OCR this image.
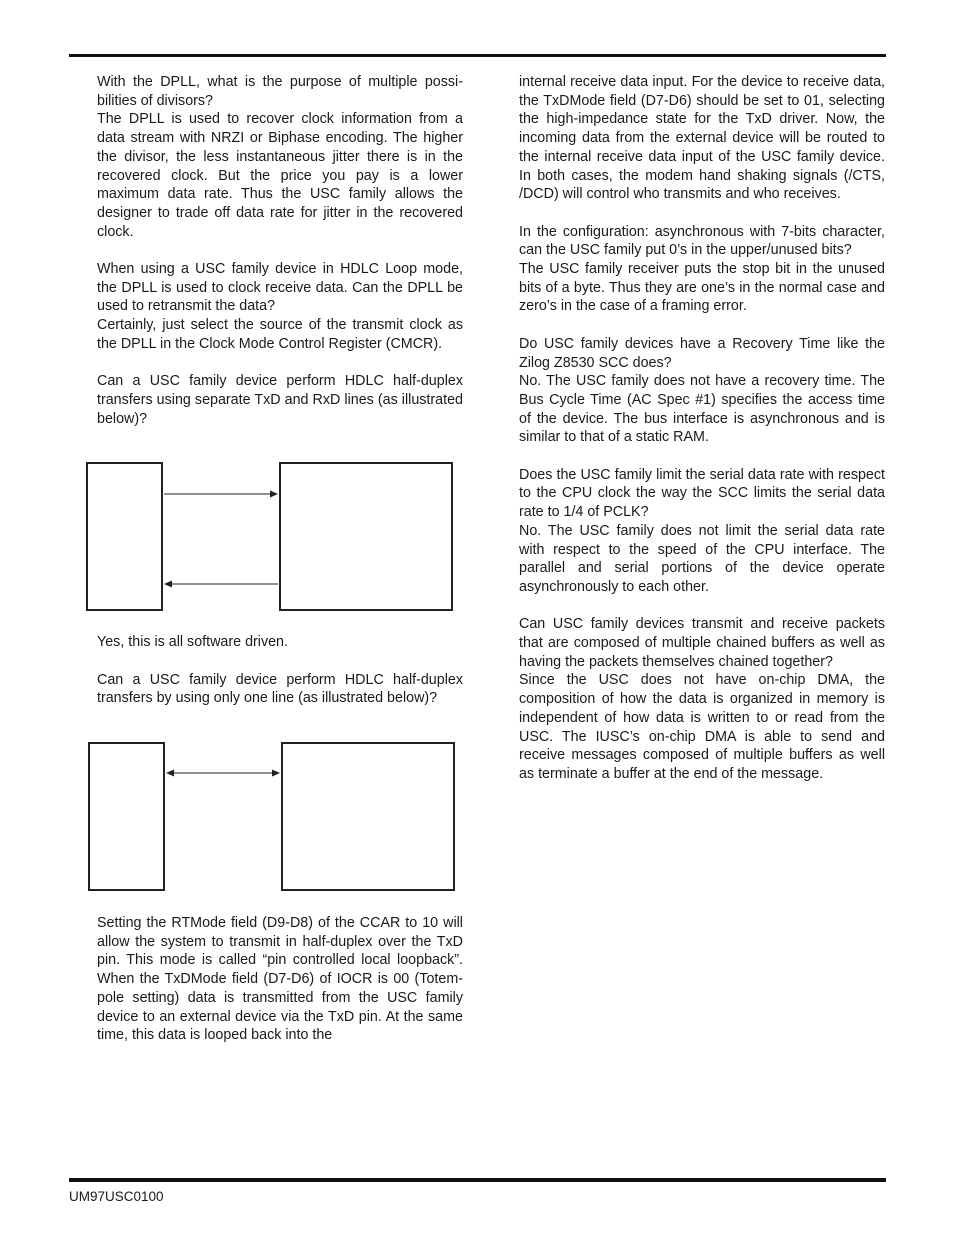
With the DPLL, what is the purpose of multiple possibilities of divisors?

The DPLL is used to recover clock information from a data stream with NRZI or Biphase encoding. The higher the divisor, the less instantaneous jitter there is in the recovered clock. But the price you pay is a lower maximum data rate. Thus the USC family allows the designer to trade off data rate for jitter in the recovered clock.

When using a USC family device in HDLC Loop mode, the DPLL is used to clock receive data. Can the DPLL be used to retransmit the data?

Certainly, just select the source of the transmit clock as the DPLL in the Clock Mode Control Register (CMCR).

Can a USC family device perform HDLC half-duplex transfers using separate TxD and RxD lines (as illustrated below)?

Yes, this is all software driven.

Can a USC family device perform HDLC half-duplex transfers by using only one line (as illustrated below)?

Setting the RTMode field (D9-D8) of the CCAR to 10 will allow the system to transmit in half-duplex over the TxD pin. This mode is called “pin controlled local loopback”. When the TxDMode field (D7-D6) of IOCR is 00 (Totem-pole setting) data is transmitted from the USC family device to an external device via the TxD pin. At the same time, this data is looped back into the

internal receive data input. For the device to receive data, the TxDMode field (D7-D6) should be set to 01, selecting the high-impedance state for the TxD driver. Now, the incoming data from the external device will be routed to the internal receive data input of the USC family device. In both cases, the modem hand shaking signals (/CTS, /DCD) will control who transmits and who receives.

In the configuration: asynchronous with 7-bits character, can the USC family put 0’s in the upper/unused bits?

The USC family receiver puts the stop bit in the unused bits of a byte. Thus they are one’s in the normal case and zero’s in the case of a framing error.

Do USC family devices have a Recovery Time like the Zilog Z8530 SCC does?

No. The USC family does not have a recovery time. The Bus Cycle Time (AC Spec #1) specifies the access time of the device. The bus interface is asynchronous and is similar to that of a static RAM.

Does the USC family limit the serial data rate with respect to the CPU clock the way the SCC limits the serial data rate to 1/4 of PCLK?

No. The USC family does not limit the serial data rate with respect to the speed of the CPU interface. The parallel and serial portions of the device operate asynchronously to each other.

Can USC family devices transmit and receive packets that are composed of multiple chained buffers as well as having the packets themselves chained together?

Since the USC does not have on-chip DMA, the composition of how the data is organized in memory is independent of how data is written to or read from the USC. The IUSC’s on-chip DMA is able to send and receive messages composed of multiple buffers as well as terminate a buffer at the end of the message.

UM97USC0100
